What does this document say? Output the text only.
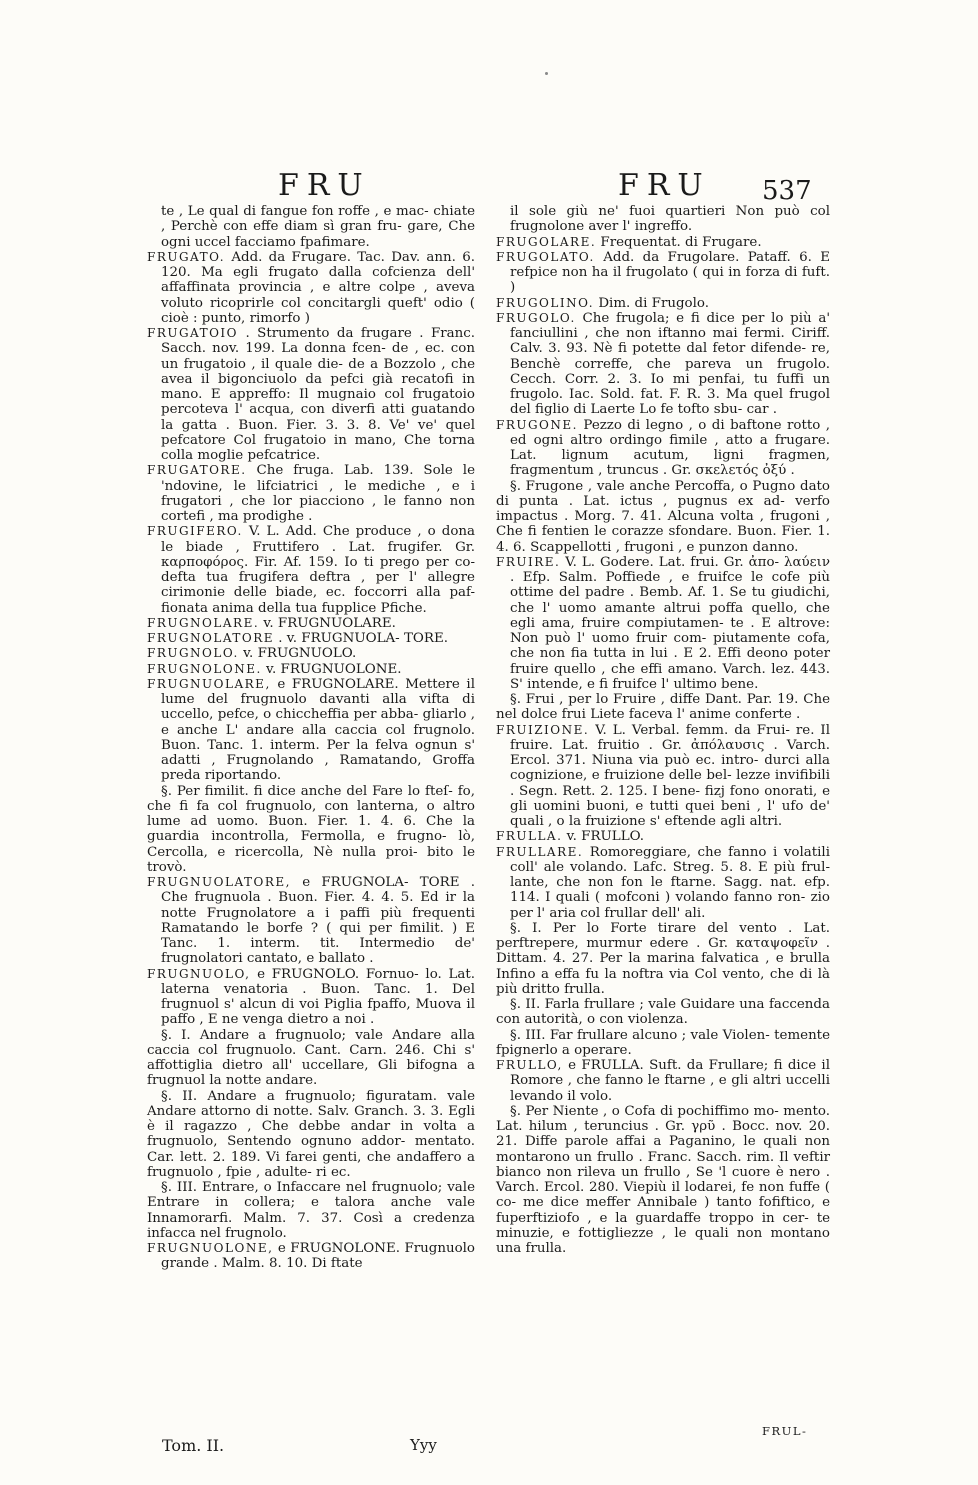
FRU	FRU 537

te , Le qual di fangue fon roffe , e mac- chiate , Perchè con effe diam sì gran fru- gare, Che ogni uccel facciamo fpafimare.

FRUGATO. Add. da Frugare. Tac. Dav. ann. 6. 120. Ma egli frugato dalla cofcienza dell' affaffinata provincia , e altre colpe , aveva voluto ricoprirle col concitargli queft' odio ( cioè : punto, rimorfo )

FRUGATOIO . Strumento da frugare . Franc. Sacch. nov. 199. La donna fcen- de , ec. con un frugatoio , il quale die- de a Bozzolo , che avea il bigonciuolo da pefci già recatofi in mano. E appreffo: Il mugnaio col frugatoio percoteva l' acqua, con diverfi atti guatando la gatta . Buon. Fier. 3. 3. 8. Ve' ve' quel pefcatore Col frugatoio in mano, Che torna colla moglie pefcatrice.

FRUGATORE. Che fruga. Lab. 139. Sole le 'ndovine, le lifciatrici , le mediche , e i frugatori , che lor piacciono , le fanno non cortefi , ma prodighe .

FRUGIFERO. V. L. Add. Che produce , o dona le biade , Fruttifero . Lat. frugifer. Gr. καρποφόρος. Fir. Af. 159. Io ti prego per co- defta tua frugifera deftra , per l' allegre cirimonie delle biade, ec. foccorri alla paf- fionata anima della tua fupplice Pfiche.

FRUGNOLARE. v. FRUGNUOLARE.

FRUGNOLATORE . v. FRUGNUOLA- TORE.

FRUGNOLO. v. FRUGNUOLO.

FRUGNOLONE. v. FRUGNUOLONE.

FRUGNUOLARE, e FRUGNOLARE. Mettere il lume del frugnuolo davanti alla vifta di uccello, pefce, o chiccheffia per abba- gliarlo , e anche L' andare alla caccia col frugnolo. Buon. Tanc. 1. interm. Per la felva ognun s' adatti , Frugnolando , Ramatando, Groffa preda riportando.

§. Per fimilit. fi dice anche del Fare lo fteſ- fo, che fi fa col frugnuolo, con lanterna, o altro lume ad uomo. Buon. Fier. 1. 4. 6. Che la guardia incontrolla, Fermolla, e frugno- lò, Cercolla, e ricercolla, Nè nulla proi- bito le trovò.

FRUGNUOLATORE, e FRUGNOLA- TORE . Che frugnuola . Buon. Fier. 4. 4. 5. Ed ir la notte Frugnolatore a i paffi più frequenti Ramatando le borfe ? ( qui per fimilit. ) E Tanc. 1. interm. tit. Intermedio de' frugnolatori cantato, e ballato .

FRUGNUOLO, e FRUGNOLO. Fornuo- lo. Lat. laterna venatoria . Buon. Tanc. 1. Del frugnuol s' alcun di voi Piglia fpaffo, Muova il paffo , E ne venga dietro a noi .

§. I. Andare a frugnuolo; vale Andare alla caccia col frugnuolo. Cant. Carn. 246. Chi s' affottiglia dietro all' uccellare, Gli bifogna a frugnuol la notte andare.

§. II. Andare a frugnuolo; figuratam. vale Andare attorno di notte. Salv. Granch. 3. 3. Egli è il ragazzo , Che debbe andar in volta a frugnuolo, Sentendo ognuno addor- mentato. Car. lett. 2. 189. Vi farei genti, che andaffero a frugnuolo , fpie , adulte- ri ec.

§. III. Entrare, o Infaccare nel frugnuolo; vale Entrare in collera; e talora anche vale Innamorarfi. Malm. 7. 37. Così a credenza infacca nel frugnolo.

FRUGNUOLONE, e FRUGNOLONE. Frugnuolo grande . Malm. 8. 10. Di ftate

il sole giù ne' fuoi quartieri Non può col frugnolone aver l' ingreffo.

FRUGOLARE. Frequentat. di Frugare.

FRUGOLATO. Add. da Frugolare. Pataff. 6. E refpice non ha il frugolato ( qui in forza di fuft. )

FRUGOLINO. Dim. di Frugolo.

FRUGOLO. Che frugola; e fi dice per lo più a' fanciullini , che non iftanno mai fermi. Ciriff. Calv. 3. 93. Nè fi potette dal fetor difende- re, Benchè correffe, che pareva un frugolo. Cecch. Corr. 2. 3. Io mi penfai, tu fuffi un frugolo. Iac. Sold. fat. F. R. 3. Ma quel frugol del figlio di Laerte Lo fe tofto sbu- car .

FRUGONE. Pezzo di legno , o di baftone rotto , ed ogni altro ordingo fimile , atto a frugare. Lat. lignum acutum, ligni fragmen, fragmentum , truncus . Gr. σκελετός ὀξύ .

§. Frugone , vale anche Percoffa, o Pugno dato di punta . Lat. ictus , pugnus ex ad- verfo impactus . Morg. 7. 41. Alcuna volta , frugoni , Che fi fentien le corazze sfondare. Buon. Fier. 1. 4. 6. Scappellotti , frugoni , e punzon danno.

FRUIRE. V. L. Godere. Lat. frui. Gr. ἀπο- λαύειν . Efp. Salm. Poffiede , e fruifce le cofe più ottime del padre . Bemb. Af. 1. Se tu giudichi, che l' uomo amante altrui poffa quello, che egli ama, fruire compiutamen- te . E altrove: Non può l' uomo fruir com- piutamente cofa, che non fia tutta in lui . E 2. Effi deono poter fruire quello , che effi amano. Varch. lez. 443. S' intende, e fi fruifce l' ultimo bene.

§. Frui , per lo Fruire , diffe Dant. Par. 19. Che nel dolce frui Liete faceva l' anime conferte .

FRUIZIONE. V. L. Verbal. femm. da Frui- re. Il fruire. Lat. fruitio . Gr. ἀπόλαυσις . Varch. Ercol. 371. Niuna via può ec. intro- durci alla cognizione, e fruizione delle bel- lezze invifibili . Segn. Rett. 2. 125. I bene- fizj fono onorati, e gli uomini buoni, e tutti quei beni , l' ufo de' quali , o la fruizione s' eftende agli altri.

FRULLA. v. FRULLO.

FRULLARE. Romoreggiare, che fanno i volatili coll' ale volando. Lafc. Streg. 5. 8. E più frul- lante, che non fon le ftarne. Sagg. nat. efp. 114. I quali ( mofconi ) volando fanno ron- zio per l' aria col frullar dell' ali.

§. I. Per lo Forte tirare del vento . Lat. perftrepere, murmur edere . Gr. καταψοφεῖν . Dittam. 4. 27. Per la marina falvatica , e brulla Infino a effa fu la noftra via Col vento, che di là più dritto frulla.

§. II. Farla frullare ; vale Guidare una faccenda con autorità, o con violenza.

§. III. Far frullare alcuno ; vale Violen- temente fpignerlo a operare.

FRULLO, e FRULLA. Suft. da Frullare; fi dice il Romore , che fanno le ftarne , e gli altri uccelli levando il volo.

§. Per Niente , o Cofa di pochiffimo mo- mento. Lat. hilum , teruncius . Gr. γρῦ . Bocc. nov. 20. 21. Diffe parole affai a Paganino, le quali non montarono un frullo . Franc. Sacch. rim. Il veftir bianco non rileva un frullo , Se 'l cuore è nero . Varch. Ercol. 280. Viepiù il lodarei, fe non fuffe ( co- me dice meffer Annibale ) tanto fofiftico, e fuperftiziofo , e la guardaffe troppo in cer- te minuzie, e fottigliezze , le quali non montano una frulla.

FRUL-
Tom. II.	Yyy
